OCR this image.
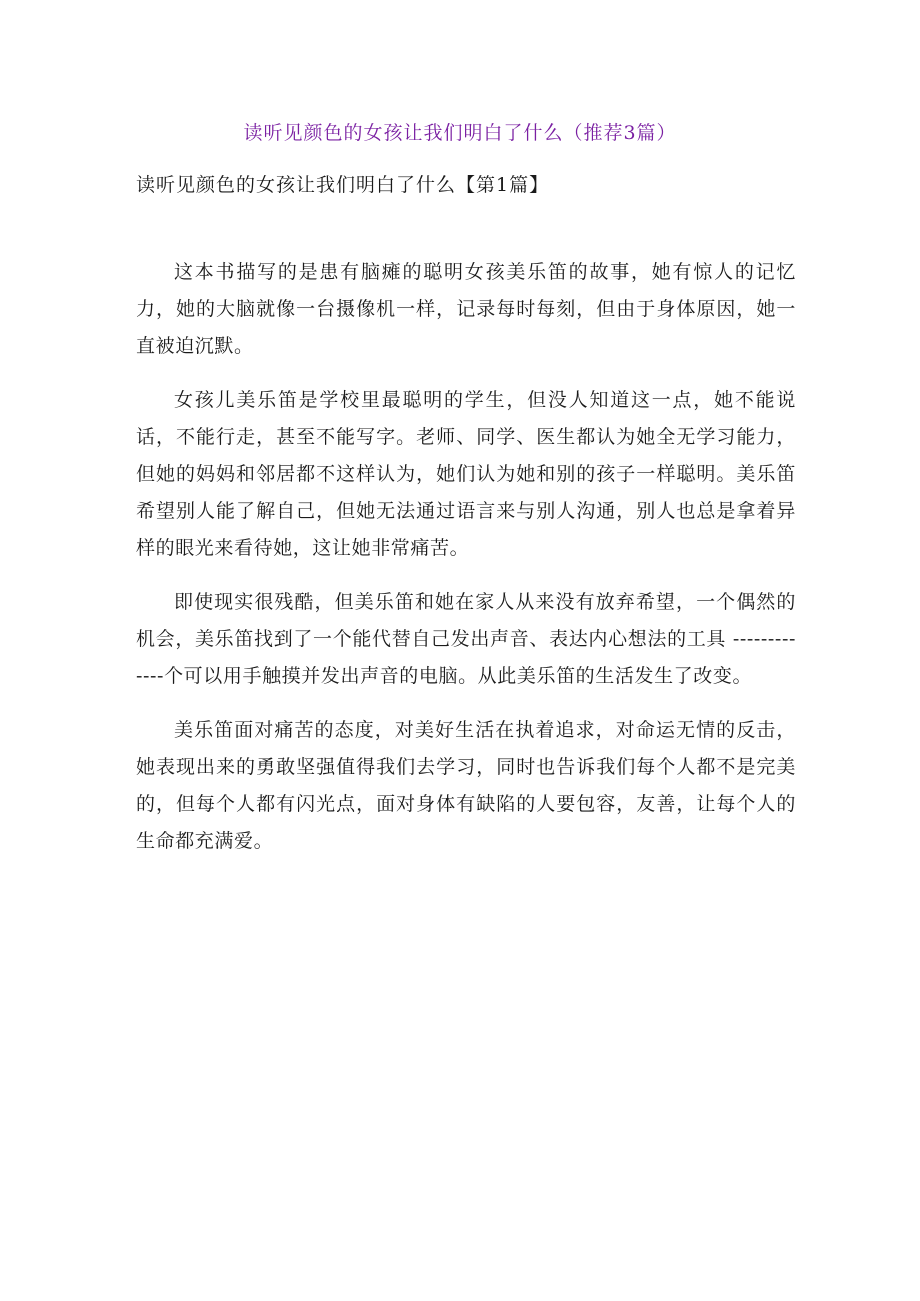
读听见颜色的女孩让我们明白了什么（推荐3篇）
读听见颜色的女孩让我们明白了什么【第1篇】

这本书描写的是患有脑瘫的聪明女孩美乐笛的故事，她有惊人的记忆力，她的大脑就像一台摄像机一样，记录每时每刻，但由于身体原因，她一直被迫沉默。

女孩儿美乐笛是学校里最聪明的学生，但没人知道这一点，她不能说话，不能行走，甚至不能写字。老师、同学、医生都认为她全无学习能力，但她的妈妈和邻居都不这样认为，她们认为她和别的孩子一样聪明。美乐笛希望别人能了解自己，但她无法通过语言来与别人沟通，别人也总是拿着异样的眼光来看待她，这让她非常痛苦。

即使现实很残酷，但美乐笛和她在家人从来没有放弃希望，一个偶然的机会，美乐笛找到了一个能代替自己发出声音、表达内心想法的工具 -------------个可以用手触摸并发出声音的电脑。从此美乐笛的生活发生了改变。

美乐笛面对痛苦的态度，对美好生活在执着追求，对命运无情的反击，她表现出来的勇敢坚强值得我们去学习，同时也告诉我们每个人都不是完美的，但每个人都有闪光点，面对身体有缺陷的人要包容，友善，让每个人的生命都充满爱。
